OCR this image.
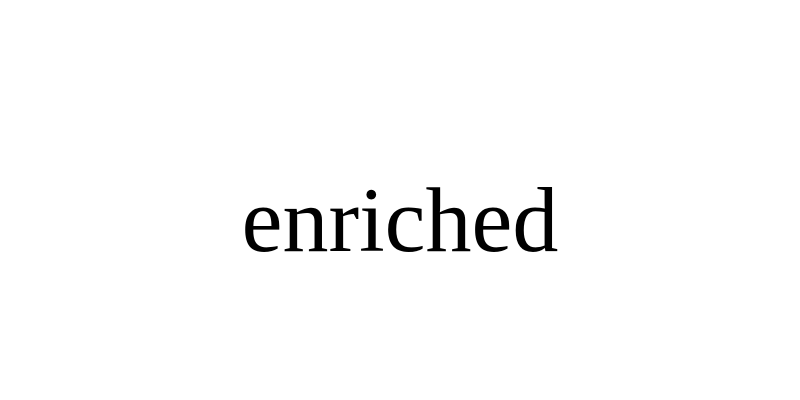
enriched
